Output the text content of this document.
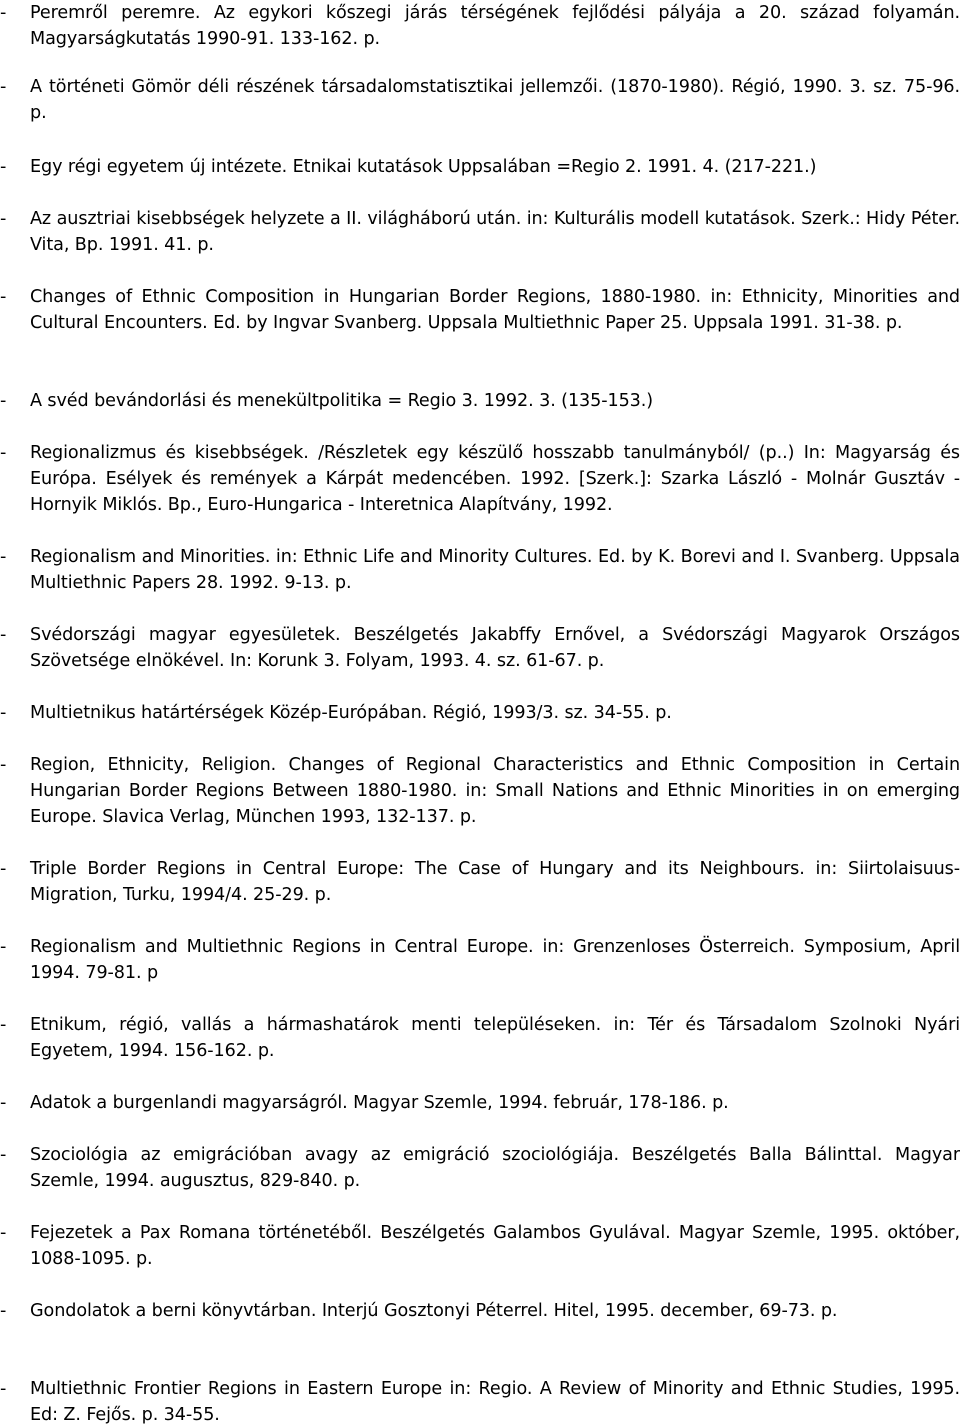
- Peremről peremre. Az egykori kőszegi járás térségének fejlődési pályája a 20. század folyamán. Magyarságkutatás 1990-91. 133-162. p.
- A történeti Gömör déli részének társadalomstatisztikai jellemzői. (1870-1980). Régió, 1990. 3. sz. 75-96. p.
- Egy régi egyetem új intézete. Etnikai kutatások Uppsalában =Regio 2. 1991. 4. (217-221.)
- Az ausztriai kisebbségek helyzete a II. világháború után. in: Kulturális modell kutatások. Szerk.: Hidy Péter. Vita, Bp. 1991. 41. p.
- Changes of Ethnic Composition in Hungarian Border Regions, 1880-1980. in: Ethnicity, Minorities and Cultural Encounters. Ed. by Ingvar Svanberg. Uppsala Multiethnic Paper 25. Uppsala 1991. 31-38. p.
- A svéd bevándorlási és menekültpolitika = Regio 3. 1992. 3. (135-153.)
- Regionalizmus és kisebbségek. /Részletek egy készülő hosszabb tanulmányból/ (p..) In: Magyarság és Európa. Esélyek és remények a Kárpát medencében. 1992. [Szerk.]: Szarka László - Molnár Gusztáv - Hornyik Miklós. Bp., Euro-Hungarica - Interetnica Alapítvány, 1992.
- Regionalism and Minorities. in: Ethnic Life and Minority Cultures. Ed. by K. Borevi and I. Svanberg. Uppsala Multiethnic Papers 28. 1992. 9-13. p.
- Svédországi magyar egyesületek. Beszélgetés Jakabffy Ernővel, a Svédországi Magyarok Országos Szövetsége elnökével. In: Korunk 3. Folyam, 1993. 4. sz. 61-67. p.
- Multietnikus határtérségek Közép-Európában. Régió, 1993/3. sz. 34-55. p.
- Region, Ethnicity, Religion. Changes of Regional Characteristics and Ethnic Composition in Certain Hungarian Border Regions Between 1880-1980. in: Small Nations and Ethnic Minorities in on emerging Europe. Slavica Verlag, München 1993, 132-137. p.
- Triple Border Regions in Central Europe: The Case of Hungary and its Neighbours. in: Siirtolaisuus-Migration, Turku, 1994/4. 25-29. p.
- Regionalism and Multiethnic Regions in Central Europe. in: Grenzenloses Österreich. Symposium, April 1994. 79-81. p
- Etnikum, régió, vallás a hármashatárok menti településeken. in: Tér és Társadalom Szolnoki Nyári Egyetem, 1994. 156-162. p.
- Adatok a burgenlandi magyarságról. Magyar Szemle, 1994. február, 178-186. p.
- Szociológia az emigrációban avagy az emigráció szociológiája. Beszélgetés Balla Bálinttal. Magyar Szemle, 1994. augusztus, 829-840. p.
- Fejezetek a Pax Romana történetéből. Beszélgetés Galambos Gyulával. Magyar Szemle, 1995. október, 1088-1095. p.
- Gondolatok a berni könyvtárban. Interjú Gosztonyi Péterrel. Hitel, 1995. december, 69-73. p.
- Multiethnic Frontier Regions in Eastern Europe in: Regio. A Review of Minority and Ethnic Studies, 1995. Ed: Z. Fejős. p. 34-55.
